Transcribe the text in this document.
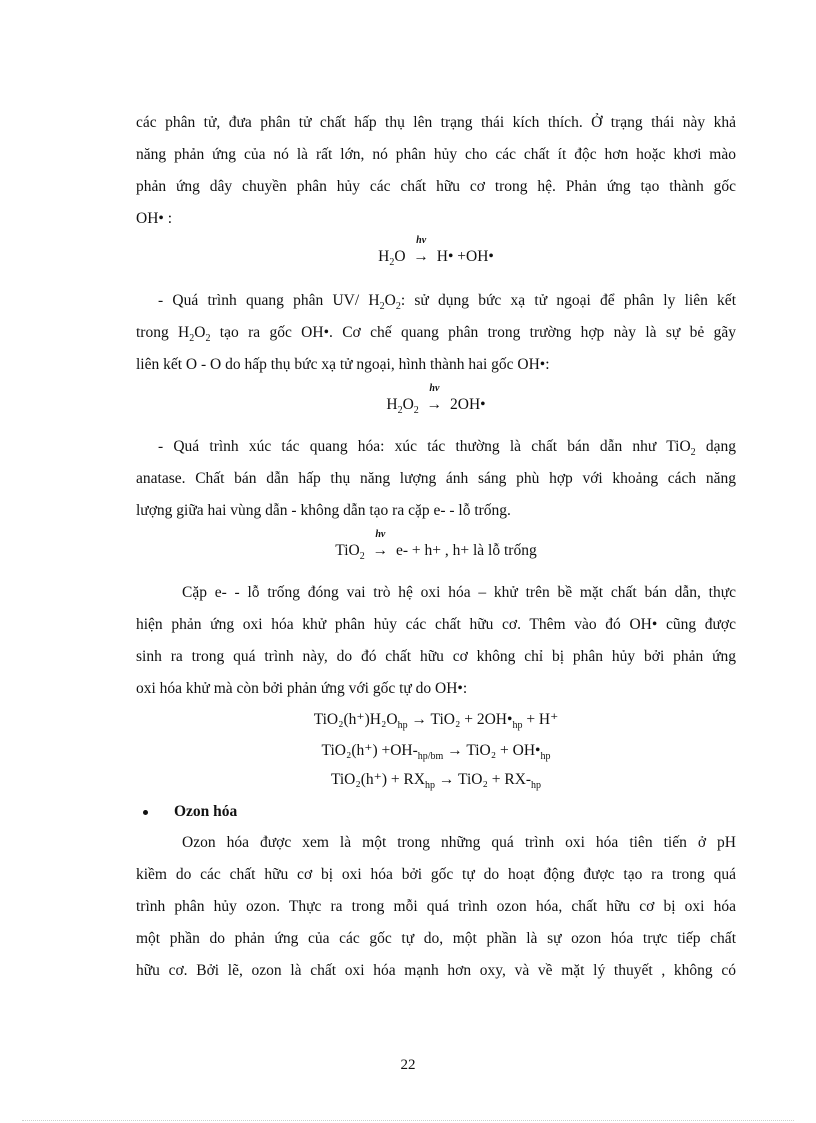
các phân tử, đưa phân tử chất hấp thụ lên trạng thái kích thích. Ở trạng thái này khả
năng phản ứng của nó là rất lớn, nó phân hủy cho các chất ít độc hơn hoặc khơi mào
phản ứng dây chuyền phân hủy các chất hữu cơ trong hệ. Phản ứng tạo thành gốc
OH• :
$H_2O$
hv
→ H• +OH•
- Quá trình quang phân UV/ $H_2O_2$: sử dụng bức xạ tử ngoại để phân ly liên kết
trong $H_2O_2$ tạo ra gốc OH•. Cơ chế quang phân trong trường hợp này là sự bẻ gãy
liên kết O - O do hấp thụ bức xạ tử ngoại, hình thành hai gốc OH•:
$H_2O_2$
hv
→ 2OH•
- Quá trình xúc tác quang hóa: xúc tác thường là chất bán dẫn như TiO$_2$ dạng
anatase. Chất bán dẫn hấp thụ năng lượng ánh sáng phù hợp với khoảng cách năng
lượng giữa hai vùng dẫn - không dẫn tạo ra cặp e- - lỗ trống.
TiO$_2$
hv
→ e- + h+ , h+ là lỗ trống
Cặp e- - lỗ trống đóng vai trò hệ oxi hóa – khử trên bề mặt chất bán dẫn, thực
hiện phản ứng oxi hóa khử phân hủy các chất hữu cơ. Thêm vào đó OH• cũng được
sinh ra trong quá trình này, do đó chất hữu cơ không chỉ bị phân hủy bởi phản ứng
oxi hóa khử mà còn bởi phản ứng với gốc tự do OH•:
$TiO_2(h^+)H_2O_{hp} \to TiO_2$ + $2OH•_{hp} + H^+$
$TiO_2(h^+) +OH-_{hp/bm} \to TiO_2$ + $OH•_{hp}$
$TiO_2(h^+) + RX_{hp} \to TiO_2 + RX-_{hp}$
Ozon hóa
Ozon hóa được xem là một trong những quá trình oxi hóa tiên tiến ở pH
kiềm do các chất hữu cơ bị oxi hóa bởi gốc tự do hoạt động được tạo ra trong quá
trình phân hủy ozon. Thực ra trong mỗi quá trình ozon hóa, chất hữu cơ bị oxi hóa
một phần do phản ứng của các gốc tự do, một phần là sự ozon hóa trực tiếp chất
hữu cơ. Bởi lẽ, ozon là chất oxi hóa mạnh hơn oxy, và về mặt lý thuyết , không có
22
